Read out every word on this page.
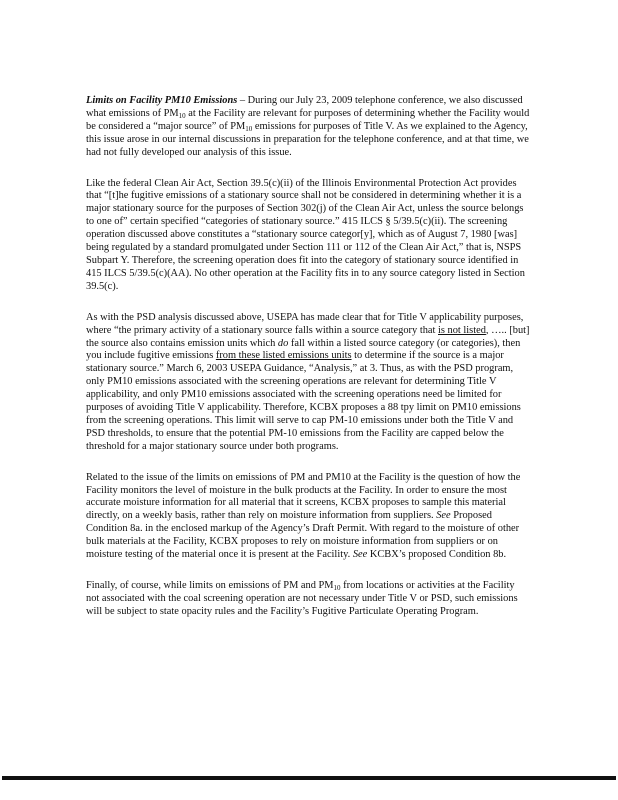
Limits on Facility PM10 Emissions – During our July 23, 2009 telephone conference, we also discussed what emissions of $PM_{10}$ at the Facility are relevant for purposes of determining whether the Facility would be considered a “major source” of $PM_{10}$ emissions for purposes of Title V. As we explained to the Agency, this issue arose in our internal discussions in preparation for the telephone conference, and at that time, we had not fully developed our analysis of this issue.

Like the federal Clean Air Act, Section 39.5(c)(ii) of the Illinois Environmental Protection Act provides that “[t]he fugitive emissions of a stationary source shall not be considered in determining whether it is a major stationary source for the purposes of Section 302(j) of the Clean Air Act, unless the source belongs to one of” certain specified “categories of stationary source.” 415 ILCS § 5/39.5(c)(ii). The screening operation discussed above constitutes a “stationary source categor[y], which as of August 7, 1980 [was] being regulated by a standard promulgated under Section 111 or 112 of the Clean Air Act,” that is, NSPS Subpart Y. Therefore, the screening operation does fit into the category of stationary source identified in 415 ILCS 5/39.5(c)(AA). No other operation at the Facility fits in to any source category listed in Section 39.5(c).

As with the PSD analysis discussed above, USEPA has made clear that for Title V applicability purposes, where “the primary activity of a stationary source falls within a source category that is not listed, ….. [but] the source also contains emission units which do fall within a listed source category (or categories), then you include fugitive emissions from these listed emissions units to determine if the source is a major stationary source.” March 6, 2003 USEPA Guidance, “Analysis,” at 3. Thus, as with the PSD program, only PM10 emissions associated with the screening operations are relevant for determining Title V applicability, and only PM10 emissions associated with the screening operations need be limited for purposes of avoiding Title V applicability. Therefore, KCBX proposes a 88 tpy limit on PM10 emissions from the screening operations. This limit will serve to cap PM-10 emissions under both the Title V and PSD thresholds, to ensure that the potential PM-10 emissions from the Facility are capped below the threshold for a major stationary source under both programs.

Related to the issue of the limits on emissions of PM and PM10 at the Facility is the question of how the Facility monitors the level of moisture in the bulk products at the Facility. In order to ensure the most accurate moisture information for all material that it screens, KCBX proposes to sample this material directly, on a weekly basis, rather than rely on moisture information from suppliers. See Proposed Condition 8a. in the enclosed markup of the Agency’s Draft Permit. With regard to the moisture of other bulk materials at the Facility, KCBX proposes to rely on moisture information from suppliers or on moisture testing of the material once it is present at the Facility. See KCBX’s proposed Condition 8b.

Finally, of course, while limits on emissions of PM and $PM_{10}$ from locations or activities at the Facility not associated with the coal screening operation are not necessary under Title V or PSD, such emissions will be subject to state opacity rules and the Facility’s Fugitive Particulate Operating Program.
